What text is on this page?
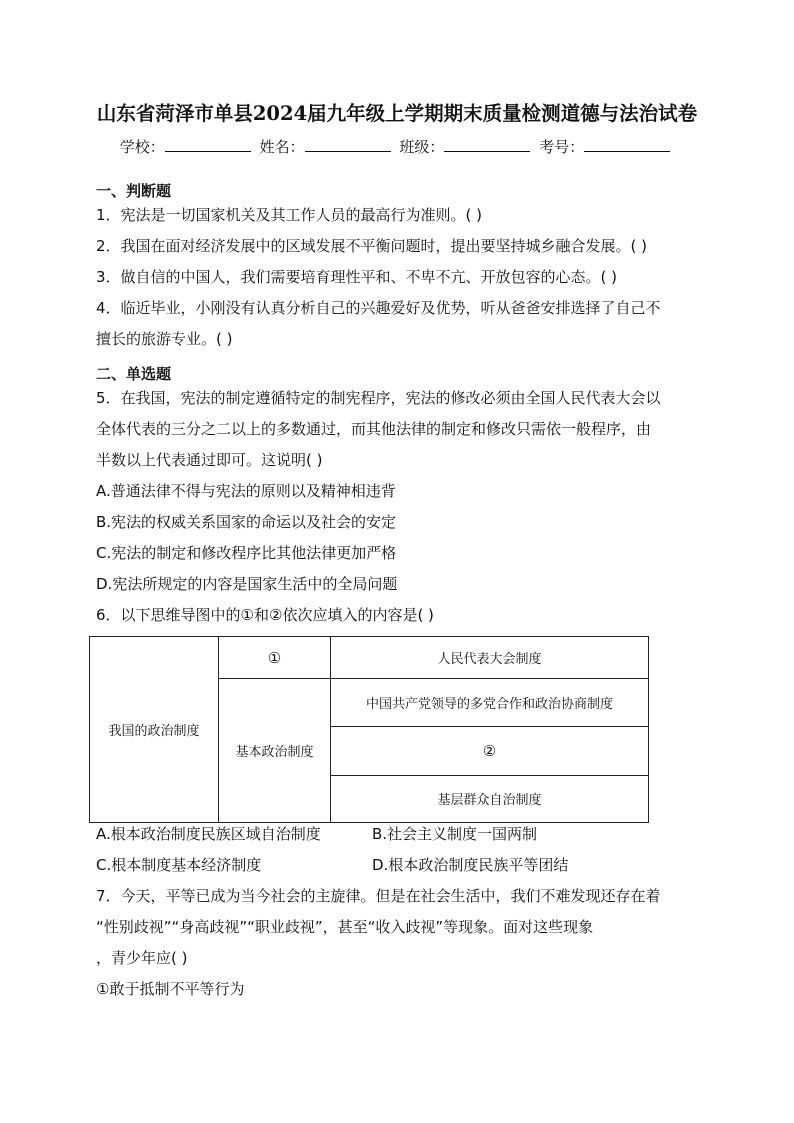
山东省菏泽市单县2024届九年级上学期期末质量检测道德与法治试卷
学校：	姓名：	班级：	考号：
一、判断题
1．宪法是一切国家机关及其工作人员的最高行为准则。( )
2．我国在面对经济发展中的区域发展不平衡问题时，提出要坚持城乡融合发展。( )
3．做自信的中国人，我们需要培育理性平和、不卑不亢、开放包容的心态。( )
4．临近毕业，小刚没有认真分析自己的兴趣爱好及优势，听从爸爸安排选择了自己不
擅长的旅游专业。( )
二、单选题
5．在我国，宪法的制定遵循特定的制宪程序，宪法的修改必须由全国人民代表大会以
全体代表的三分之二以上的多数通过，而其他法律的制定和修改只需依一般程序，由
半数以上代表通过即可。这说明( )
A.普通法律不得与宪法的原则以及精神相违背
B.宪法的权威关系国家的命运以及社会的安定
C.宪法的制定和修改程序比其他法律更加严格
D.宪法所规定的内容是国家生活中的全局问题
6．以下思维导图中的①和②依次应填入的内容是( )
我国的政治制度	①	人民代表大会制度
	基本政治制度	中国共产党领导的多党合作和政治协商制度
		②
		基层群众自治制度
A.根本政治制度民族区域自治制度	B.社会主义制度一国两制
C.根本制度基本经济制度	D.根本政治制度民族平等团结
7．今天，平等已成为当今社会的主旋律。但是在社会生活中，我们不难发现还存在着
“性别歧视”“身高歧视”“职业歧视”，甚至“收入歧视”等现象。面对这些现象
，青少年应( )
①敢于抵制不平等行为
